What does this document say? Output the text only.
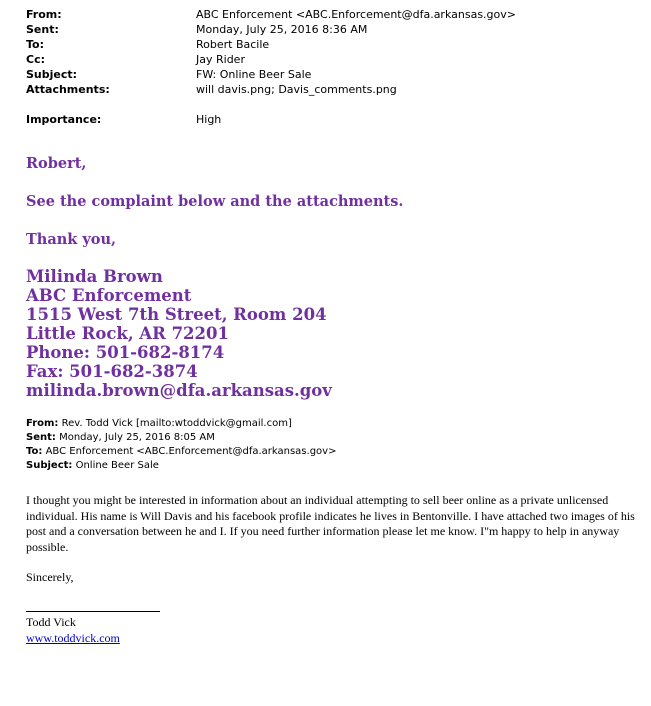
From:	ABC Enforcement <ABC.Enforcement@dfa.arkansas.gov>
Sent:	Monday, July 25, 2016 8:36 AM
To:	Robert Bacile
Cc:	Jay Rider
Subject:	FW: Online Beer Sale
Attachments:	will davis.png; Davis_comments.png
Importance:	High
Robert,
See the complaint below and the attachments.
Thank you,
Milinda Brown
ABC Enforcement
1515 West 7th Street, Room 204
Little Rock, AR 72201
Phone: 501-682-8174
Fax: 501-682-3874
milinda.brown@dfa.arkansas.gov
From: Rev. Todd Vick [mailto:wtoddvick@gmail.com]
Sent: Monday, July 25, 2016 8:05 AM
To: ABC Enforcement <ABC.Enforcement@dfa.arkansas.gov>
Subject: Online Beer Sale
I thought you might be interested in information about an individual attempting to sell beer online as a private unlicensed individual. His name is Will Davis and his facebook profile indicates he lives in Bentonville. I have attached two images of his post and a conversation between he and I. If you need further information please let me know. I"m happy to help in anyway possible.
Sincerely,
Todd Vick
www.toddvick.com
